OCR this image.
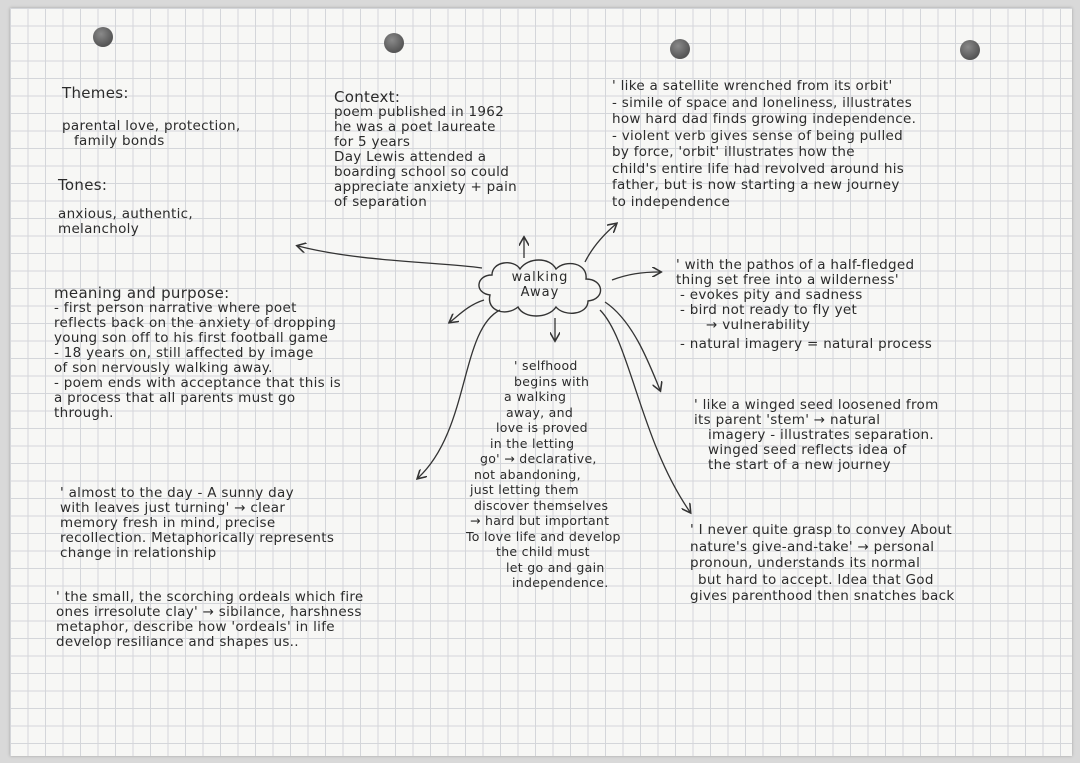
walking Away
Themes:
parental love, protection,
family bonds
Tones:
anxious, authentic,
melancholy
Context:
poem published in 1962
he was a poet laureate
for 5 years
Day Lewis attended a
boarding school so could
appreciate anxiety + pain
of separation
' like a satellite wrenched from its orbit'
- simile of space and loneliness, illustrates
how hard dad finds growing independence.
- violent verb gives sense of being pulled
by force, 'orbit' illustrates how the
child's entire life had revolved around his
father, but is now starting a new journey
to independence
meaning and purpose:
- first person narrative where poet
reflects back on the anxiety of dropping
young son off to his first football game
- 18 years on, still affected by image
of son nervously walking away.
- poem ends with acceptance that this is
a process that all parents must go
through.
' with the pathos of a half-fledged
thing set free into a wilderness'
- evokes pity and sadness
- bird not ready to fly yet
→ vulnerability
- natural imagery = natural process
' selfhood
begins with
a walking
away, and
love is proved
in the letting
go' → declarative,
not abandoning,
just letting them
discover themselves
→ hard but important
To love life and develop
the child must
let go and gain
independence.
' like a winged seed loosened from
its parent 'stem' → natural
imagery - illustrates separation.
winged seed reflects idea of
the start of a new journey
' almost to the day - A sunny day
with leaves just turning' → clear
memory fresh in mind, precise
recollection. Metaphorically represents
change in relationship
' the small, the scorching ordeals which fire
ones irresolute clay' → sibilance, harshness
metaphor, describe how 'ordeals' in life
develop resiliance and shapes us..
' I never quite grasp to convey About
nature's give-and-take' → personal
pronoun, understands its normal
but hard to accept. Idea that God
gives parenthood then snatches back
